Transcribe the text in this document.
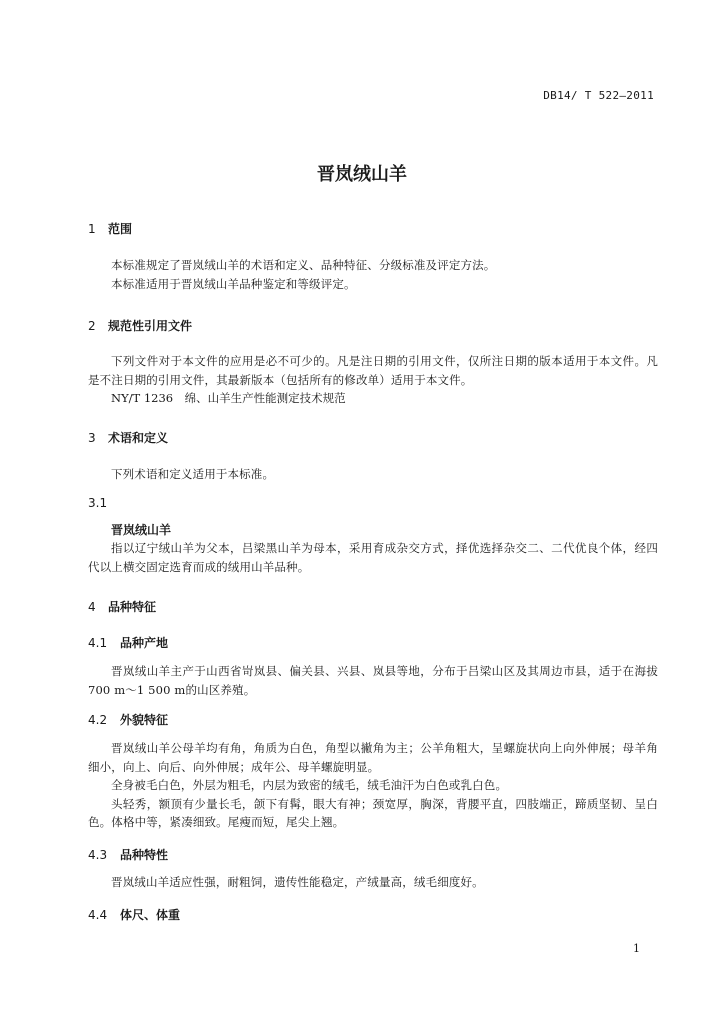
DB14/ T 522—2011
晋岚绒山羊
1 范围

本标准规定了晋岚绒山羊的术语和定义、品种特征、分级标准及评定方法。

本标准适用于晋岚绒山羊品种鉴定和等级评定。

2 规范性引用文件

下列文件对于本文件的应用是必不可少的。凡是注日期的引用文件，仅所注日期的版本适用于本文件。凡是不注日期的引用文件，其最新版本（包括所有的修改单）适用于本文件。

NY/T 1236　绵、山羊生产性能测定技术规范
3 术语和定义

下列术语和定义适用于本标准。

3.1
晋岚绒山羊

指以辽宁绒山羊为父本，吕梁黑山羊为母本，采用育成杂交方式，择优选择杂交二、二代优良个体，经四代以上横交固定选育而成的绒用山羊品种。

4 品种特征
4.1 品种产地

晋岚绒山羊主产于山西省岢岚县、偏关县、兴县、岚县等地，分布于吕梁山区及其周边市县，适于在海拔700 m～1 500 m的山区养殖。

4.2 外貌特征

晋岚绒山羊公母羊均有角，角质为白色，角型以撇角为主；公羊角粗大，呈螺旋状向上向外伸展；母羊角细小，向上、向后、向外伸展；成年公、母羊螺旋明显。

全身被毛白色，外层为粗毛，内层为致密的绒毛，绒毛油汗为白色或乳白色。

头轻秀，额顶有少量长毛，颌下有髯，眼大有神；颈宽厚，胸深，背腰平直，四肢端正，蹄质坚韧、呈白色。体格中等，紧凑细致。尾瘦而短，尾尖上翘。

4.3 品种特性

晋岚绒山羊适应性强，耐粗饲，遗传性能稳定，产绒量高，绒毛细度好。

4.4 体尺、体重
1
